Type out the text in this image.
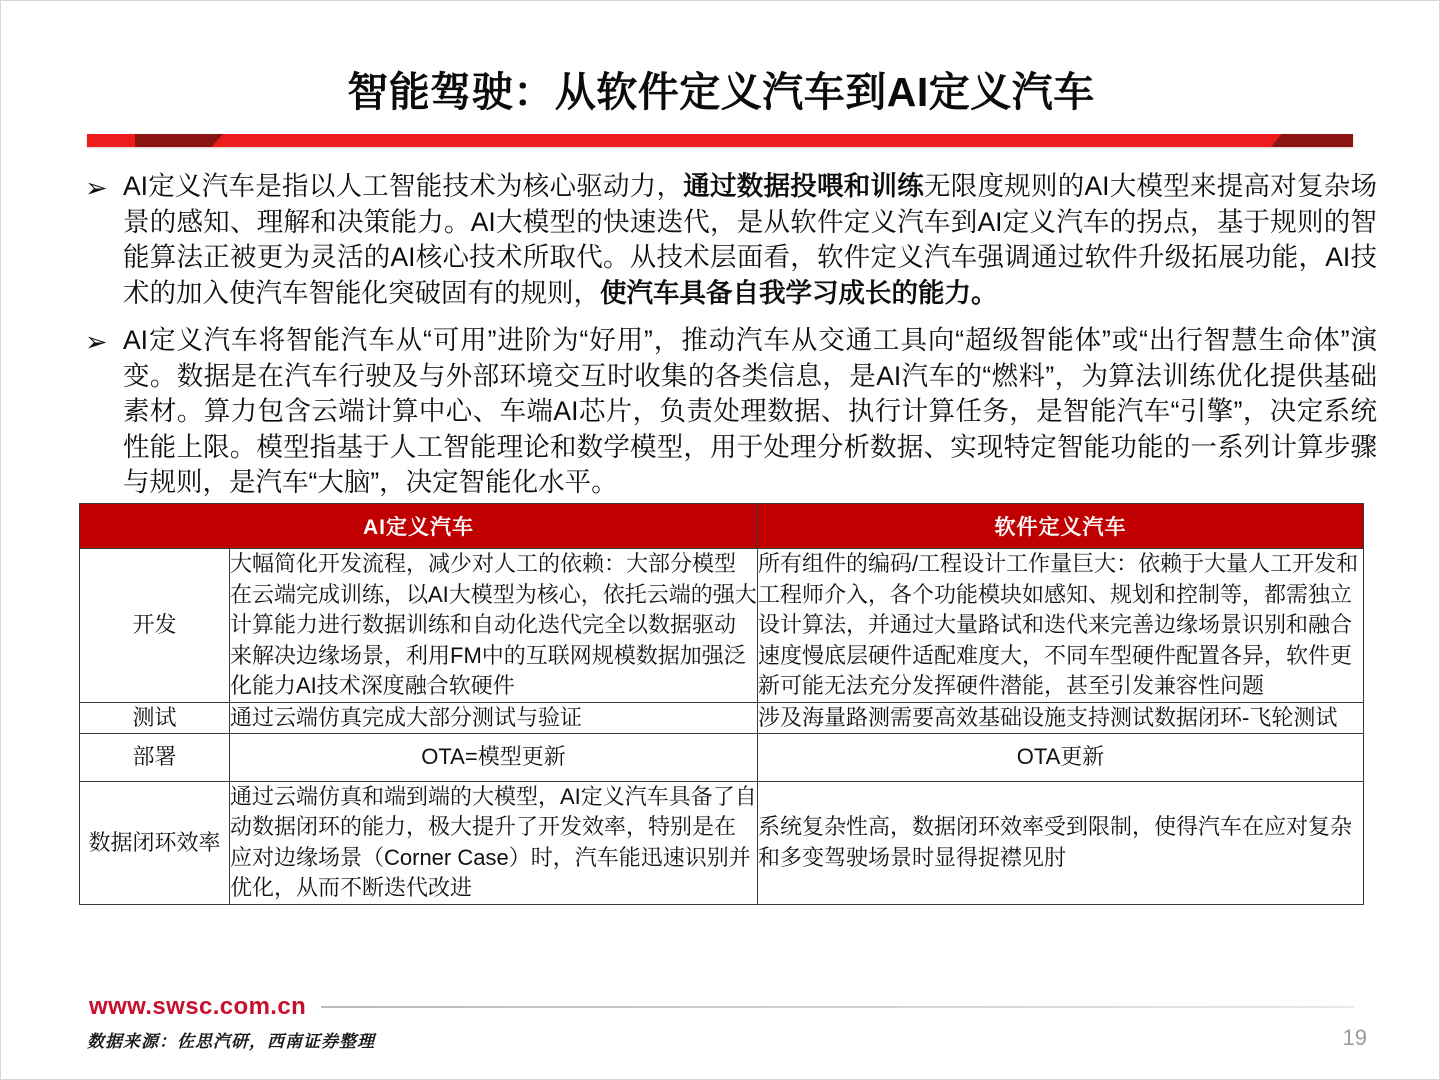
智能驾驶：从软件定义汽车到AI定义汽车
➢ AI定义汽车是指以人工智能技术为核心驱动力，通过数据投喂和训练无限度规则的AI大模型来提高对复杂场景的感知、理解和决策能力。AI大模型的快速迭代，是从软件定义汽车到AI定义汽车的拐点，基于规则的智能算法正被更为灵活的AI核心技术所取代。从技术层面看，软件定义汽车强调通过软件升级拓展功能，AI技术的加入使汽车智能化突破固有的规则，使汽车具备自我学习成长的能力。
➢ AI定义汽车将智能汽车从“可用”进阶为“好用”，推动汽车从交通工具向“超级智能体”或“出行智慧生命体”演变。数据是在汽车行驶及与外部环境交互时收集的各类信息，是AI汽车的“燃料”，为算法训练优化提供基础素材。算力包含云端计算中心、车端AI芯片，负责处理数据、执行计算任务，是智能汽车“引擎”，决定系统性能上限。模型指基于人工智能理论和数学模型，用于处理分析数据、实现特定智能功能的一系列计算步骤与规则，是汽车“大脑”，决定智能化水平。
AI定义汽车		软件定义汽车
开发	大幅简化开发流程，减少对人工的依赖：大部分模型在云端完成训练，以AI大模型为核心，依托云端的强大计算能力进行数据训练和自动化迭代完全以数据驱动来解决边缘场景，利用FM中的互联网规模数据加强泛化能力AI技术深度融合软硬件	所有组件的编码/工程设计工作量巨大：依赖于大量人工开发和工程师介入，各个功能模块如感知、规划和控制等，都需独立设计算法，并通过大量路试和迭代来完善边缘场景识别和融合速度慢底层硬件适配难度大，不同车型硬件配置各异，软件更新可能无法充分发挥硬件潜能，甚至引发兼容性问题
测试	通过云端仿真完成大部分测试与验证	涉及海量路测需要高效基础设施支持测试数据闭环-飞轮测试
部署	OTA=模型更新	OTA更新
数据闭环效率	通过云端仿真和端到端的大模型，AI定义汽车具备了自动数据闭环的能力，极大提升了开发效率，特别是在应对边缘场景（Corner Case）时，汽车能迅速识别并优化，从而不断迭代改进	系统复杂性高，数据闭环效率受到限制，使得汽车在应对复杂和多变驾驶场景时显得捉襟见肘
www.swsc.com.cn
数据来源：佐思汽研，西南证券整理	19
